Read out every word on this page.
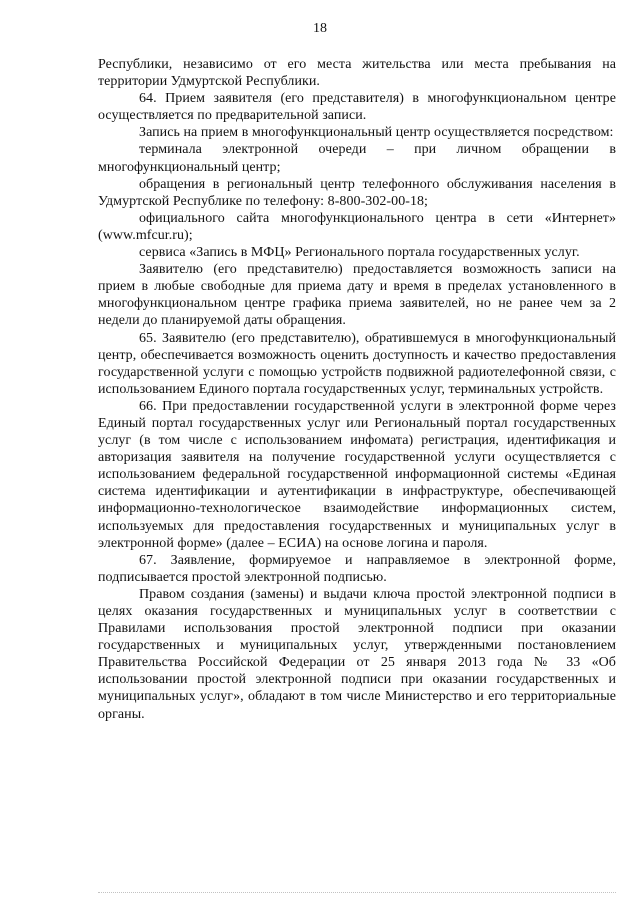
18

Республики, независимо от его места жительства или места пребывания на территории Удмуртской Республики.

64. Прием заявителя (его представителя) в многофункциональном центре осуществляется по предварительной записи.

Запись на прием в многофункциональный центр осуществляется посредством:

терминала электронной очереди – при личном обращении в многофункциональный центр;

обращения в региональный центр телефонного обслуживания населения в Удмуртской Республике по телефону: 8-800-302-00-18;

официального сайта многофункционального центра в сети «Интернет» (www.mfcur.ru);

сервиса «Запись в МФЦ» Регионального портала государственных услуг.

Заявителю (его представителю) предоставляется возможность записи на прием в любые свободные для приема дату и время в пределах установленного в многофункциональном центре графика приема заявителей, но не ранее чем за 2 недели до планируемой даты обращения.

65. Заявителю (его представителю), обратившемуся в многофункциональный центр, обеспечивается возможность оценить доступность и качество предоставления государственной услуги с помощью устройств подвижной радиотелефонной связи, с использованием Единого портала государственных услуг, терминальных устройств.

66. При предоставлении государственной услуги в электронной форме через Единый портал государственных услуг или Региональный портал государственных услуг (в том числе с использованием инфомата) регистрация, идентификация и авторизация заявителя на получение государственной услуги осуществляется с использованием федеральной государственной информационной системы «Единая система идентификации и аутентификации в инфраструктуре, обеспечивающей информационно-технологическое взаимодействие информационных систем, используемых для предоставления государственных и муниципальных услуг в электронной форме» (далее – ЕСИА) на основе логина и пароля.

67. Заявление, формируемое и направляемое в электронной форме, подписывается простой электронной подписью.

Правом создания (замены) и выдачи ключа простой электронной подписи в целях оказания государственных и муниципальных услуг в соответствии с Правилами использования простой электронной подписи при оказании государственных и муниципальных услуг, утвержденными постановлением Правительства Российской Федерации от 25 января 2013 года № 33 «Об использовании простой электронной подписи при оказании государственных и муниципальных услуг», обладают в том числе Министерство и его территориальные органы.
